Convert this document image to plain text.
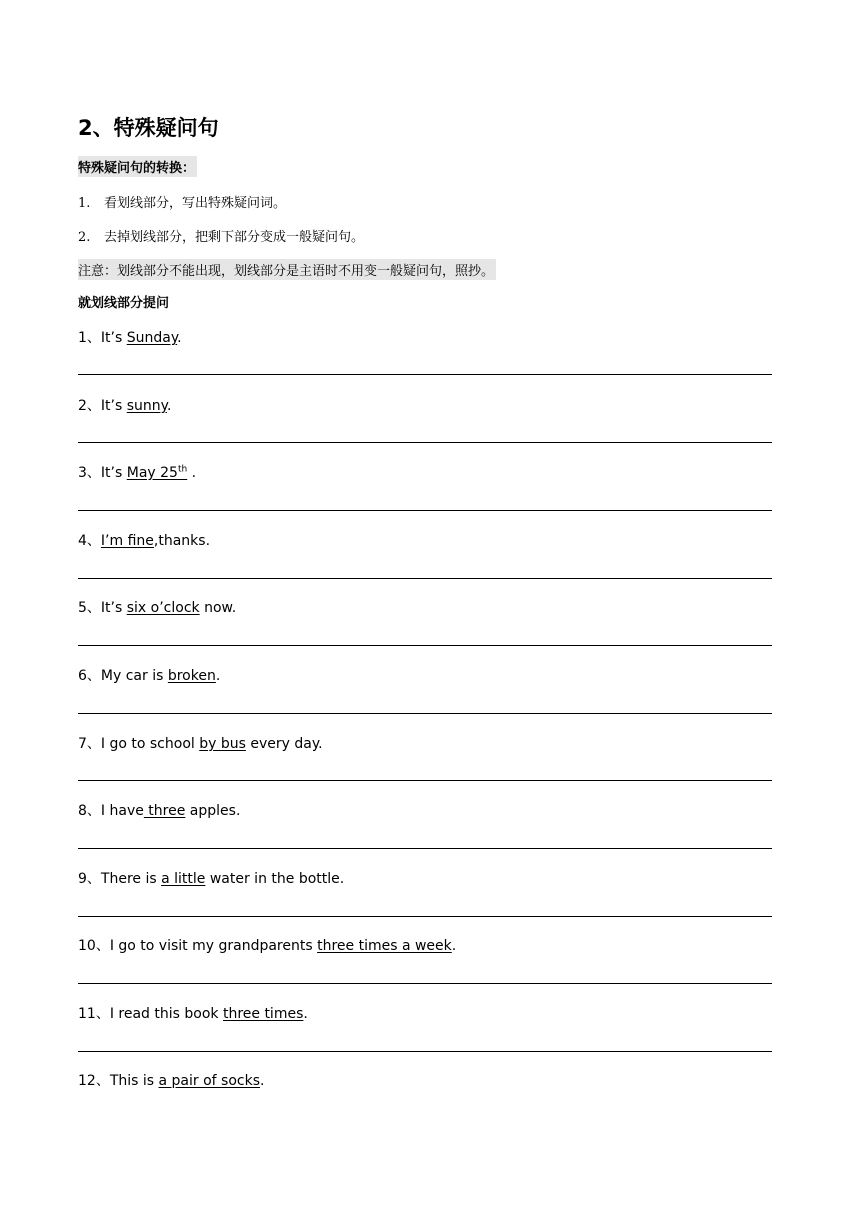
2、特殊疑问句
特殊疑问句的转换：
1. 看划线部分，写出特殊疑问词。
2. 去掉划线部分，把剩下部分变成一般疑问句。
注意：划线部分不能出现，划线部分是主语时不用变一般疑问句，照抄。
就划线部分提问
1、It’s Sunday.
2、It’s sunny.
3、It’s May 25th .
4、I’m fine,thanks.
5、It’s six o’clock now.
6、My car is broken.
7、I go to school by bus every day.
8、I have three apples.
9、There is a little water in the bottle.
10、I go to visit my grandparents three times a week.
11、I read this book three times.
12、This is a pair of socks.
